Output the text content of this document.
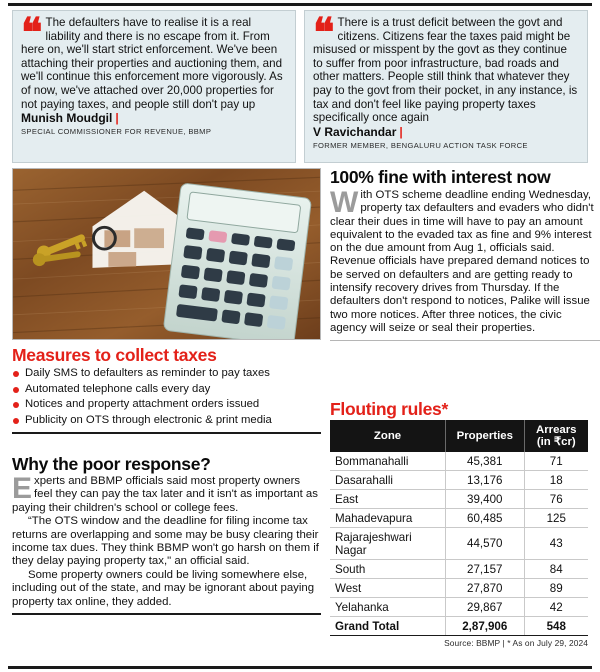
❝ The defaulters have to realise it is a real liability and there is no escape from it. From here on, we'll start strict enforcement. We've been attaching their properties and auctioning them, and we'll continue this enforcement more vigorously. As of now, we've attached over 20,000 properties for not paying taxes, and people still don't pay up
Munish Moudgil |
SPECIAL COMMISSIONER FOR REVENUE, BBMP
❝ There is a trust deficit between the govt and citizens. Citizens fear the taxes paid might be misused or misspent by the govt as they continue to suffer from poor infrastructure, bad roads and other matters. People still think that whatever they pay to the govt from their pocket, in any instance, is tax and don't feel like paying property taxes specifically once again
V Ravichandar |
FORMER MEMBER, BENGALURU ACTION TASK FORCE
100% fine with interest now
With OTS scheme deadline ending Wednesday, property tax defaulters and evaders who didn't clear their dues in time will have to pay an amount equivalent to the evaded tax as fine and 9% interest on the due amount from Aug 1, officials said. Revenue officials have prepared demand notices to be served on defaulters and are getting ready to intensify recovery drives from Thursday. If the defaulters don't respond to notices, Palike will issue two more notices. After three notices, the civic agency will seize or seal their properties.
Measures to collect taxes
Daily SMS to defaulters as reminder to pay taxes
Automated telephone calls every day
Notices and property attachment orders issued
Publicity on OTS through electronic & print media
Why the poor response?
Experts and BBMP officials said most property owners feel they can pay the tax later and it isn't as important as paying their children's school or college fees.
“The OTS window and the deadline for filing income tax returns are overlapping and some may be busy clearing their income tax dues. They think BBMP won't go harsh on them if they delay paying property tax," an official said.
Some property owners could be living somewhere else, including out of the state, and may be ignorant about paying property tax online, they added.
Flouting rules*
Zone	Properties	Arrears (in ₹cr)
Bommanahalli	45,381	71
Dasarahalli	13,176	18
East	39,400	76
Mahadevapura	60,485	125
Rajarajeshwari Nagar	44,570	43
South	27,157	84
West	27,870	89
Yelahanka	29,867	42
Grand Total	2,87,906	548
Source: BBMP | * As on July 29, 2024
